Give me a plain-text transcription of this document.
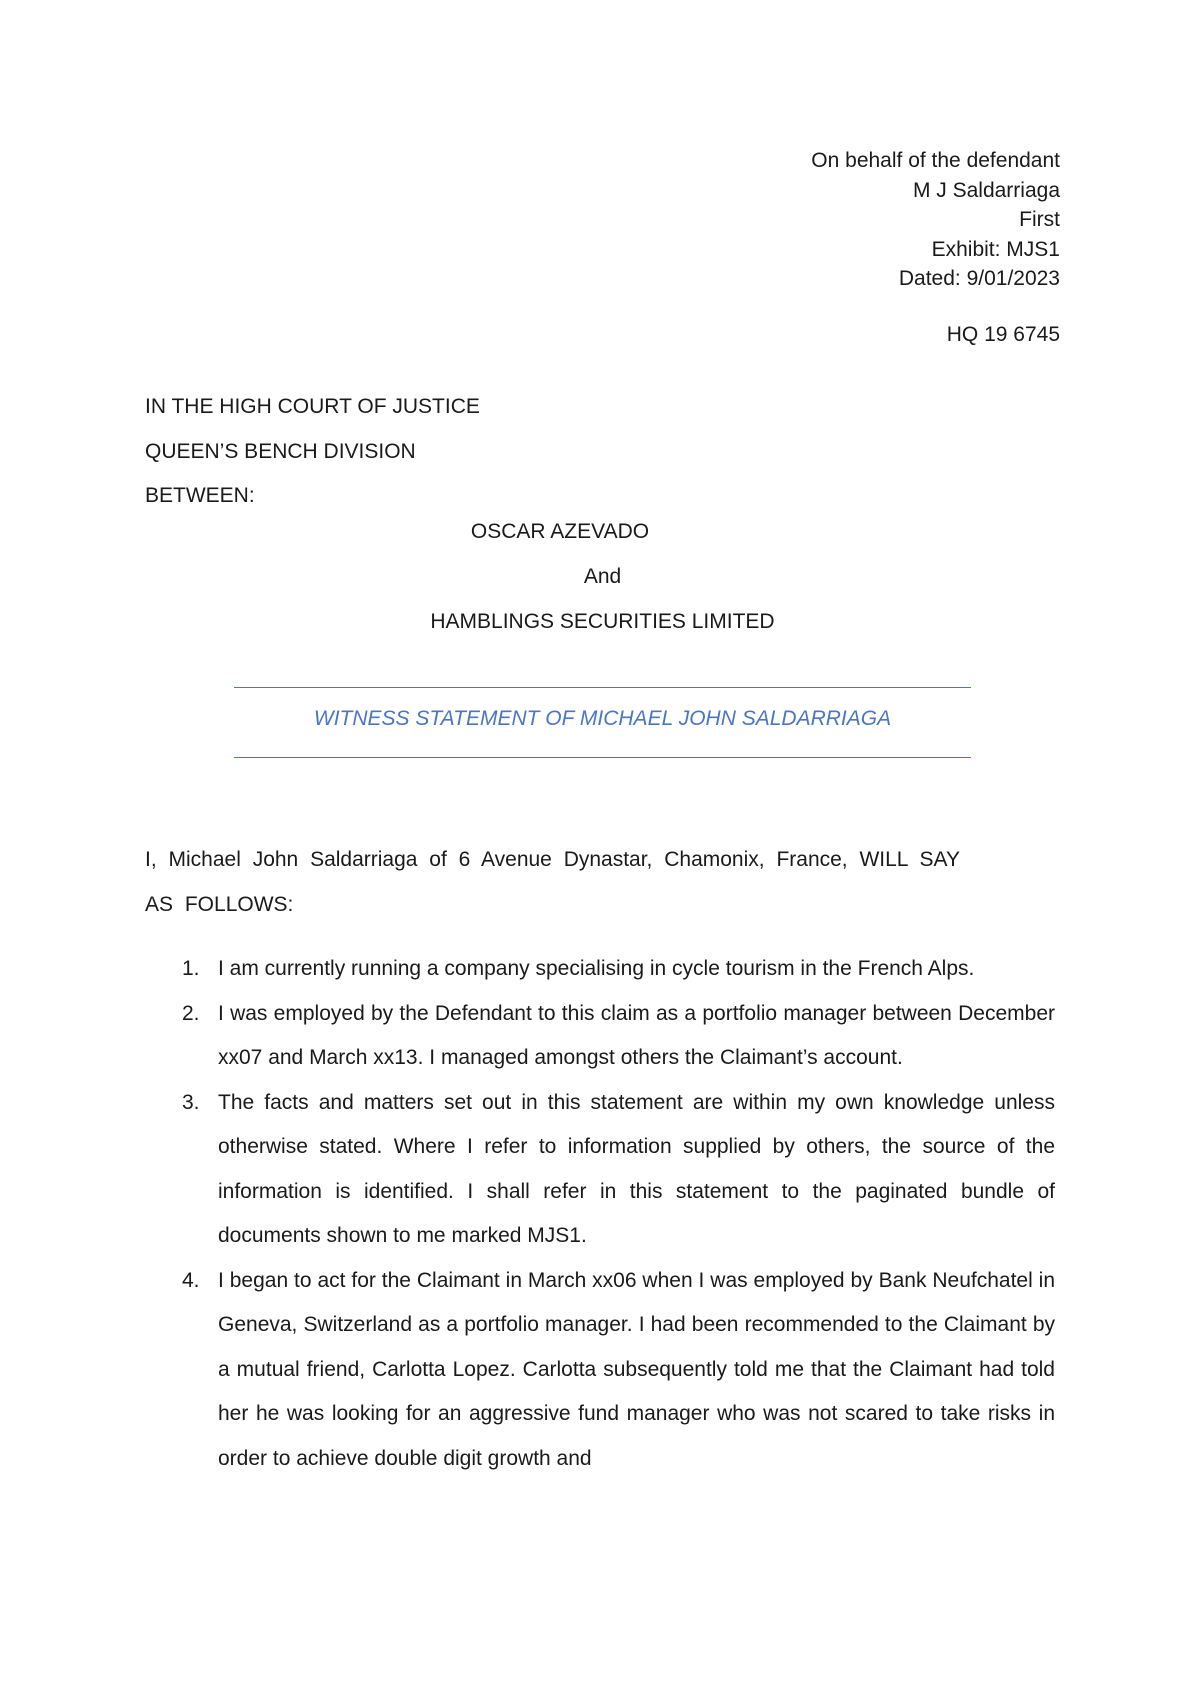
On behalf of the defendant
M J Saldarriaga
First
Exhibit: MJS1
Dated: 9/01/2023
HQ 19 6745
IN THE HIGH COURT OF JUSTICE
QUEEN’S BENCH DIVISION
BETWEEN:
OSCAR AZEVADO
And
HAMBLINGS SECURITIES LIMITED
WITNESS STATEMENT OF MICHAEL JOHN SALDARRIAGA
I, Michael John Saldarriaga of 6 Avenue Dynastar, Chamonix, France, WILL SAY AS FOLLOWS:
1. I am currently running a company specialising in cycle tourism in the French Alps.
2. I was employed by the Defendant to this claim as a portfolio manager between December xx07 and March xx13. I managed amongst others the Claimant’s account.
3. The facts and matters set out in this statement are within my own knowledge unless otherwise stated. Where I refer to information supplied by others, the source of the information is identified. I shall refer in this statement to the paginated bundle of documents shown to me marked MJS1.
4. I began to act for the Claimant in March xx06 when I was employed by Bank Neufchatel in Geneva, Switzerland as a portfolio manager. I had been recommended to the Claimant by a mutual friend, Carlotta Lopez. Carlotta subsequently told me that the Claimant had told her he was looking for an aggressive fund manager who was not scared to take risks in order to achieve double digit growth and
